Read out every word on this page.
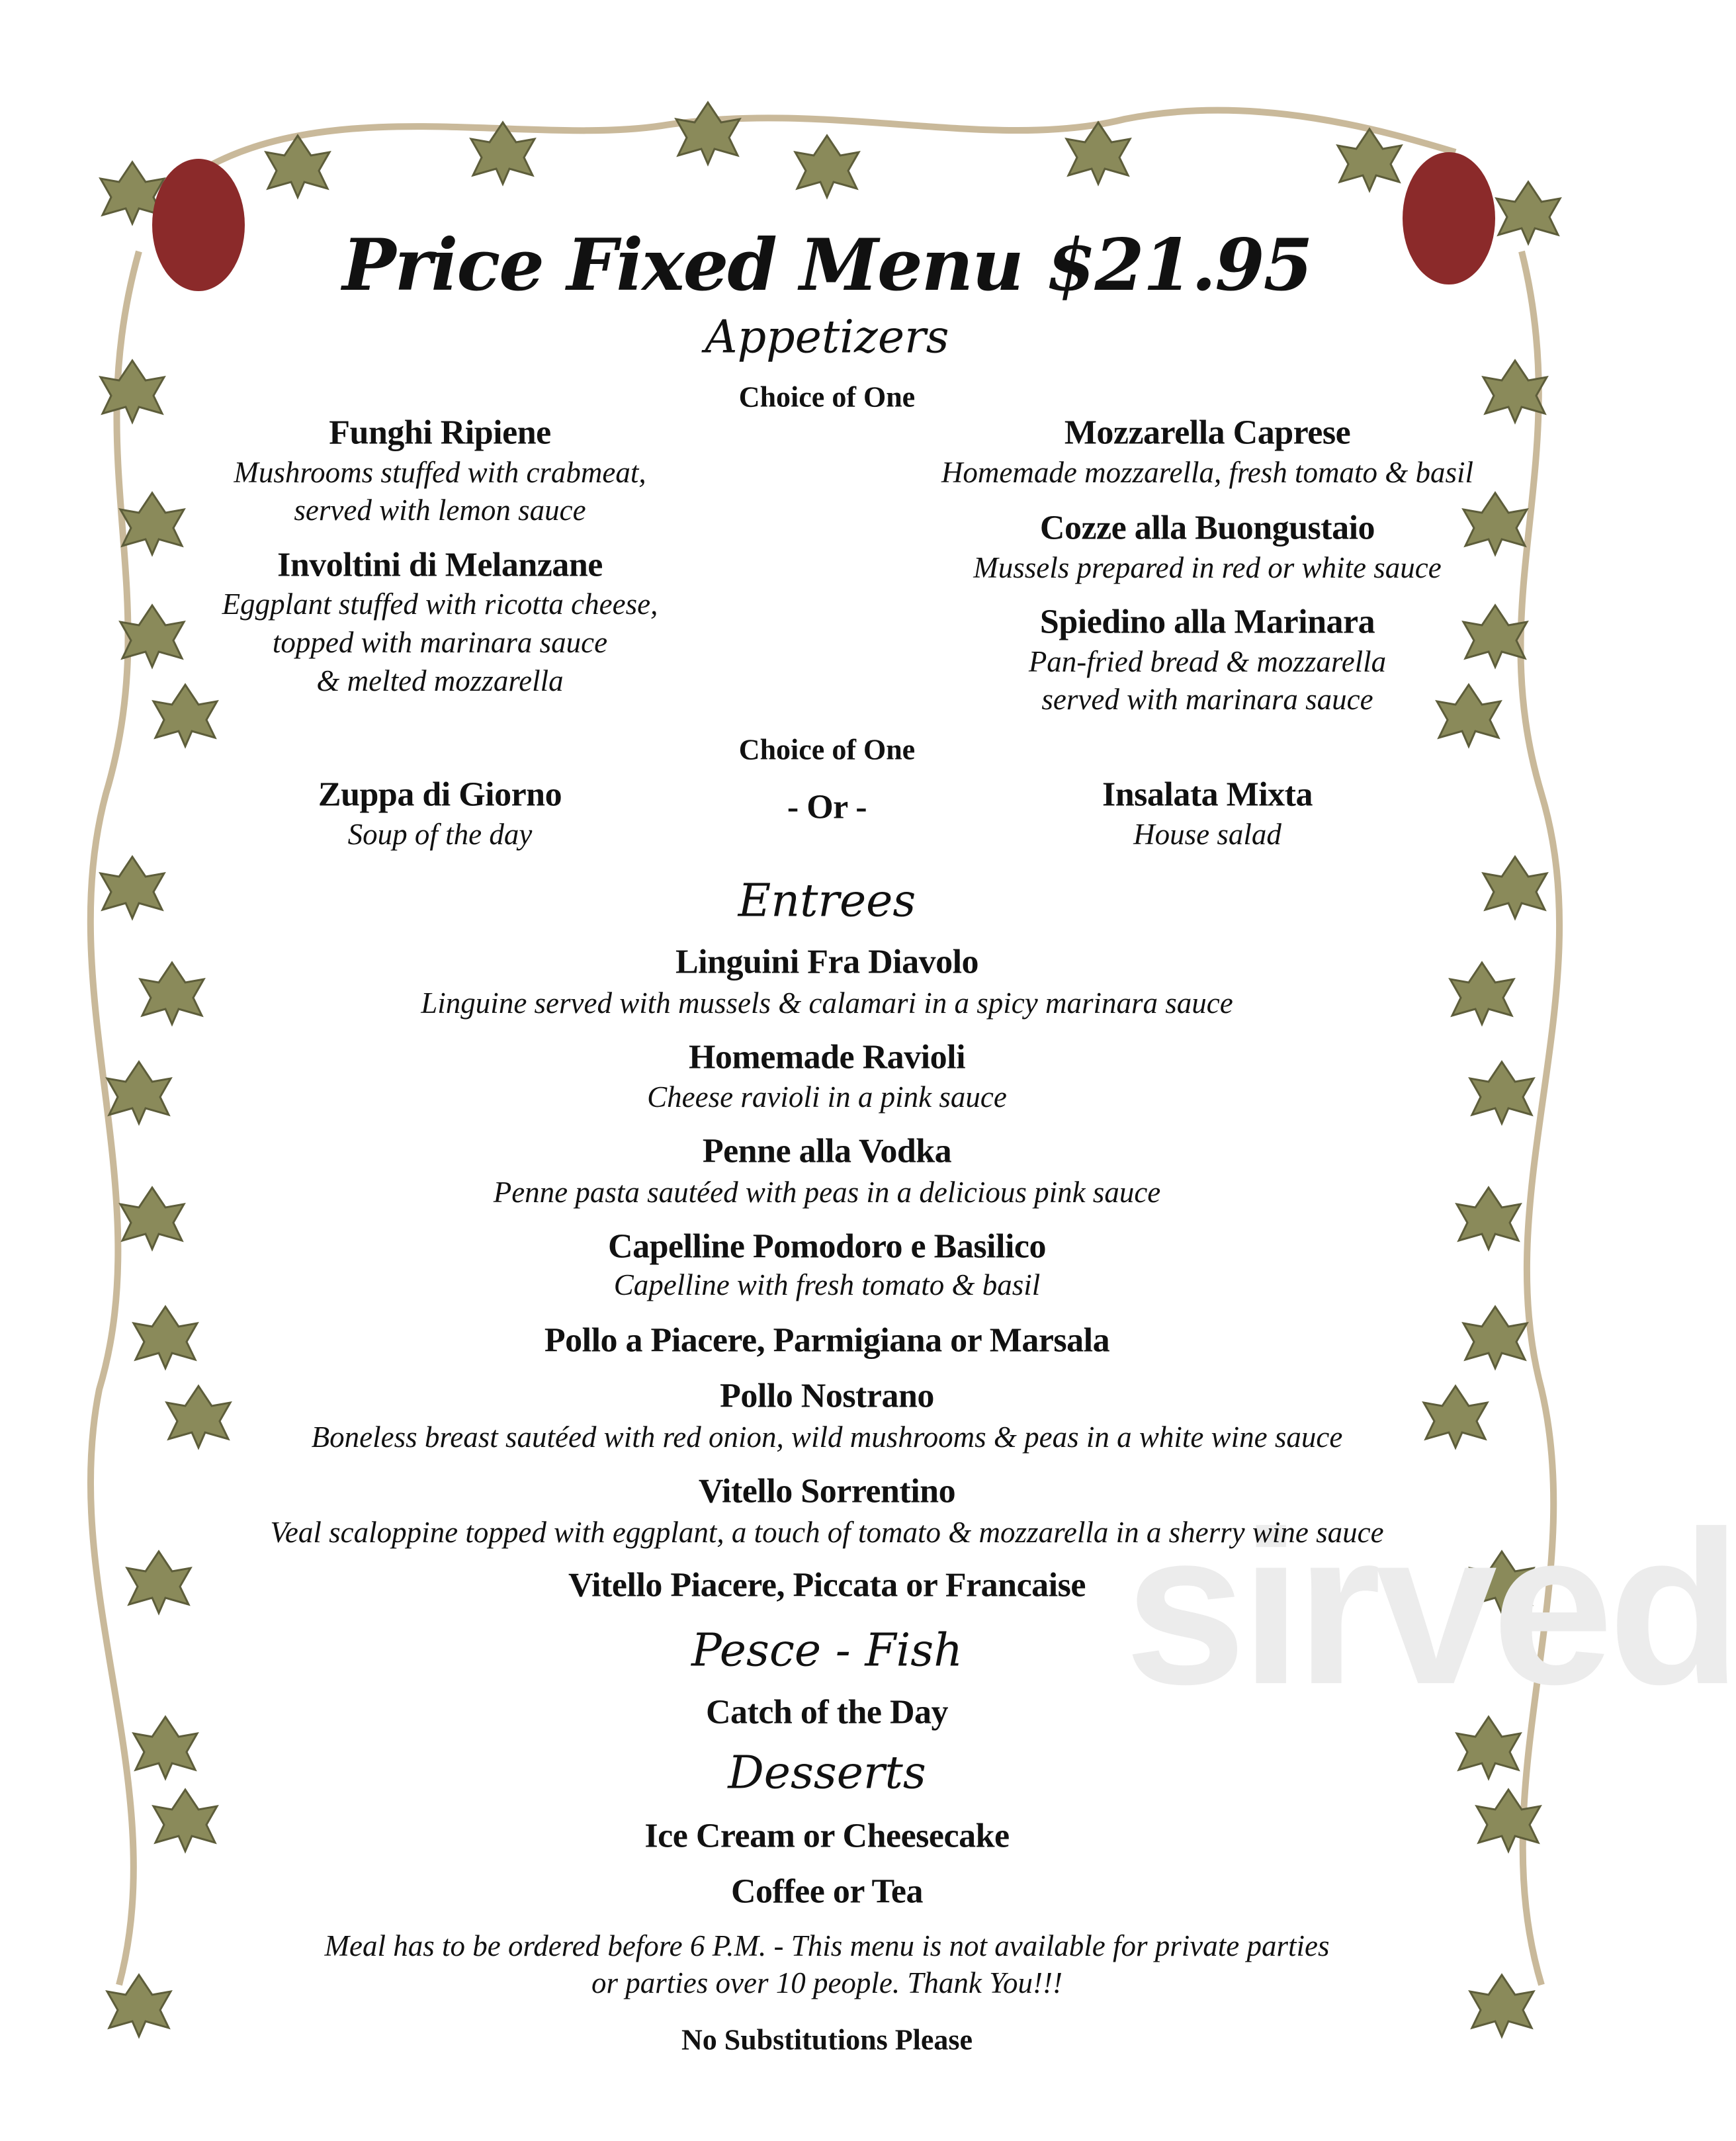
sirved
Price Fixed Menu $21.95
Appetizers
Choice of One
Funghi Ripiene
Mushrooms stuffed with crabmeat,
served with lemon sauce
Involtini di Melanzane
Eggplant stuffed with ricotta cheese,
topped with marinara sauce
& melted mozzarella
Mozzarella Caprese
Homemade mozzarella, fresh tomato & basil
Cozze alla Buongustaio
Mussels prepared in red or white sauce
Spiedino alla Marinara
Pan-fried bread & mozzarella
served with marinara sauce
Choice of One
Zuppa di Giorno
Soup of the day
- Or -	Insalata Mixta
House salad
Entrees
Linguini Fra Diavolo
Linguine served with mussels & calamari in a spicy marinara sauce
Homemade Ravioli
Cheese ravioli in a pink sauce
Penne alla Vodka
Penne pasta sautéed with peas in a delicious pink sauce
Capelline Pomodoro e Basilico
Capelline with fresh tomato & basil
Pollo a Piacere, Parmigiana or Marsala
Pollo Nostrano
Boneless breast sautéed with red onion, wild mushrooms & peas in a white wine sauce
Vitello Sorrentino
Veal scaloppine topped with eggplant, a touch of tomato & mozzarella in a sherry wine sauce
Vitello Piacere, Piccata or Francaise
Pesce - Fish
Catch of the Day
Desserts
Ice Cream or Cheesecake
Coffee or Tea
Meal has to be ordered before 6 P.M. - This menu is not available for private parties
or parties over 10 people. Thank You!!!
No Substitutions Please
